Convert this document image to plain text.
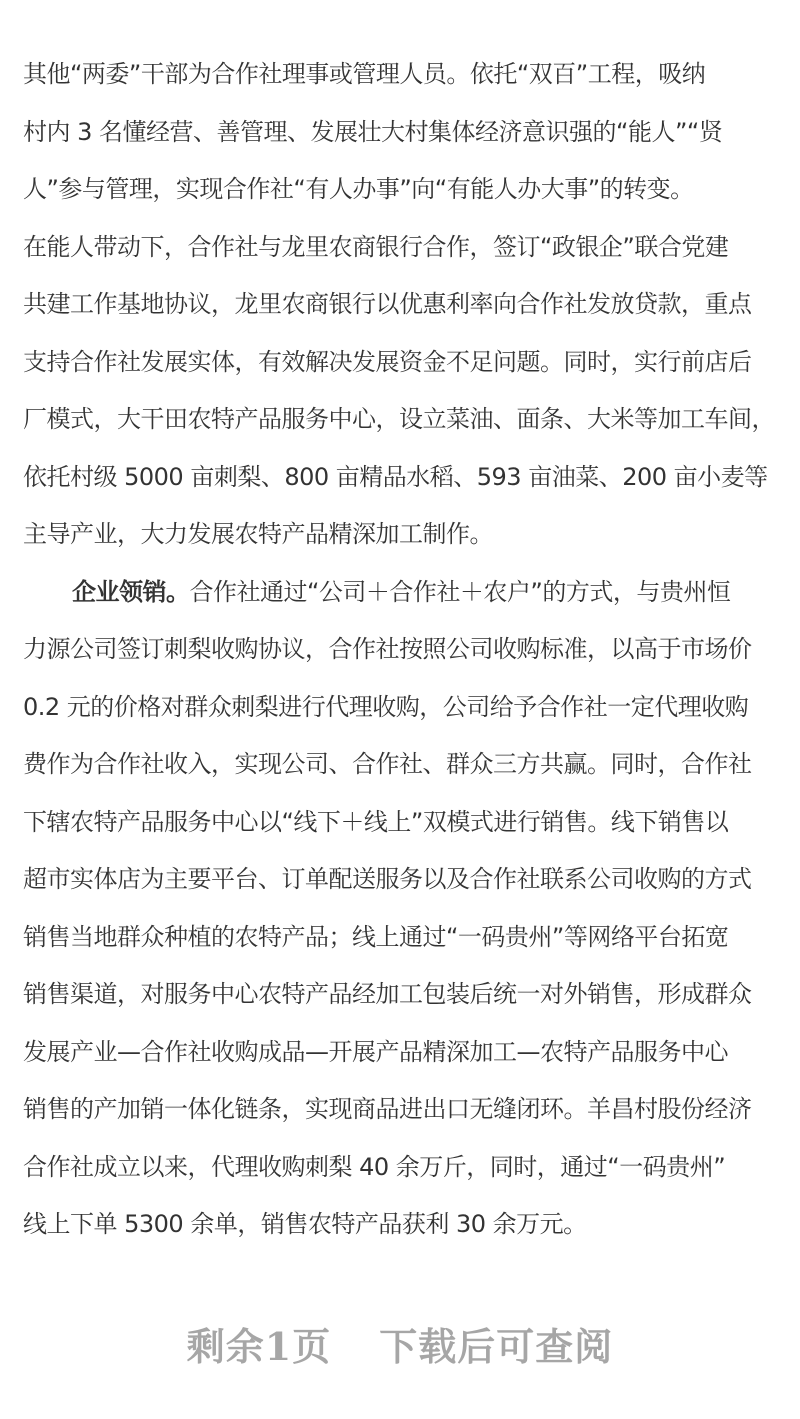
其他“两委”干部为合作社理事或管理人员。依托“双百”工程，吸纳
村内 3 名懂经营、善管理、发展壮大村集体经济意识强的“能人”“贤
人”参与管理，实现合作社“有人办事”向“有能人办大事”的转变。
在能人带动下，合作社与龙里农商银行合作，签订“政银企”联合党建
共建工作基地协议，龙里农商银行以优惠利率向合作社发放贷款，重点
支持合作社发展实体，有效解决发展资金不足问题。同时，实行前店后
厂模式，大干田农特产品服务中心，设立菜油、面条、大米等加工车间，
依托村级 5000 亩刺梨、800 亩精品水稻、593 亩油菜、200 亩小麦等
主导产业，大力发展农特产品精深加工制作。
企业领销。合作社通过“公司＋合作社＋农户”的方式，与贵州恒
力源公司签订刺梨收购协议，合作社按照公司收购标准，以高于市场价
0.2 元的价格对群众刺梨进行代理收购，公司给予合作社一定代理收购
费作为合作社收入，实现公司、合作社、群众三方共赢。同时，合作社
下辖农特产品服务中心以“线下＋线上”双模式进行销售。线下销售以
超市实体店为主要平台、订单配送服务以及合作社联系公司收购的方式
销售当地群众种植的农特产品；线上通过“一码贵州”等网络平台拓宽
销售渠道，对服务中心农特产品经加工包装后统一对外销售，形成群众
发展产业—合作社收购成品—开展产品精深加工—农特产品服务中心
销售的产加销一体化链条，实现商品进出口无缝闭环。羊昌村股份经济
合作社成立以来，代理收购刺梨 40 余万斤，同时，通过“一码贵州”
线上下单 5300 余单，销售农特产品获利 30 余万元。
剩余1页 下载后可查阅
